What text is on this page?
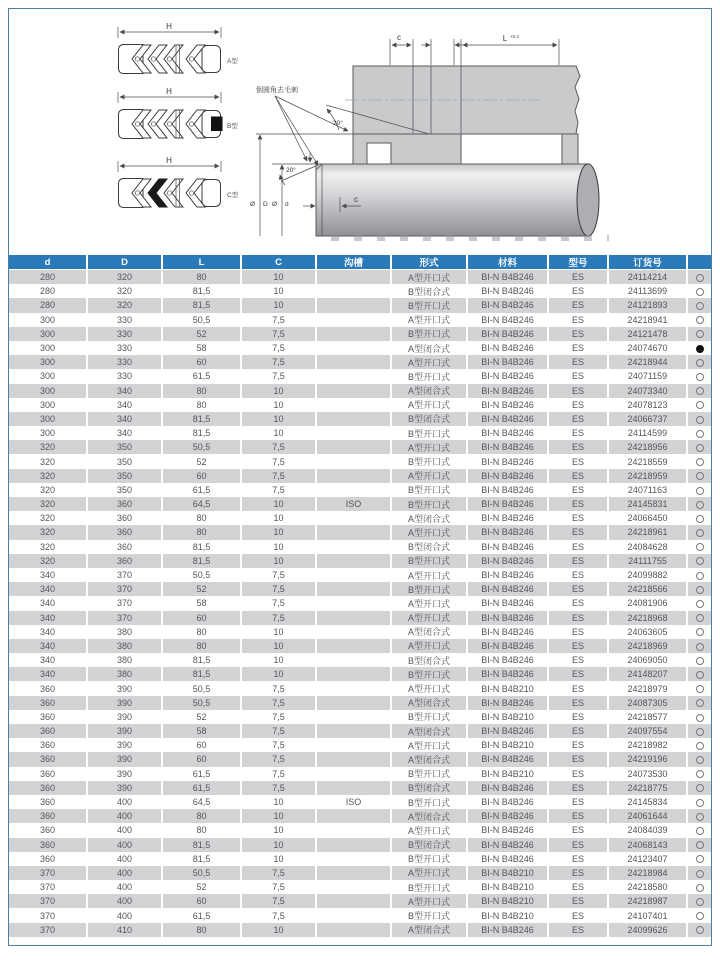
H
A型
H
B型
H
C型
c	L +0.2
倒圆角去毛刺
20°
20°
Ø D Ø d
c
d	D	L	C	沟槽	形式	材料	型号	订货号	
280	320	80	10		A型开口式	BI-N B4B246	ES	24114214	
280	320	81,5	10		B型闭合式	BI-N B4B246	ES	24113699	
280	320	81,5	10		B型开口式	BI-N B4B246	ES	24121893	
300	330	50,5	7,5		A型开口式	BI-N B4B246	ES	24218941	
300	330	52	7,5		B型开口式	BI-N B4B246	ES	24121478	
300	330	58	7,5		A型闭合式	BI-N B4B246	ES	24074670	
300	330	60	7,5		A型开口式	BI-N B4B246	ES	24218944	
300	330	61,5	7,5		B型开口式	BI-N B4B246	ES	24071159	
300	340	80	10		A型闭合式	BI-N B4B246	ES	24073340	
300	340	80	10		A型开口式	BI-N B4B246	ES	24078123	
300	340	81,5	10		B型闭合式	BI-N B4B246	ES	24066737	
300	340	81,5	10		B型开口式	BI-N B4B246	ES	24114599	
320	350	50,5	7,5		A型开口式	BI-N B4B246	ES	24218956	
320	350	52	7,5		B型开口式	BI-N B4B246	ES	24218559	
320	350	60	7,5		A型开口式	BI-N B4B246	ES	24218959	
320	350	61,5	7,5		B型开口式	BI-N B4B246	ES	24071163	
320	360	64,5	10	ISO	B型开口式	BI-N B4B246	ES	24145831	
320	360	80	10		A型闭合式	BI-N B4B246	ES	24066450	
320	360	80	10		A型开口式	BI-N B4B246	ES	24218961	
320	360	81,5	10		B型闭合式	BI-N B4B246	ES	24084628	
320	360	81,5	10		B型开口式	BI-N B4B246	ES	24111755	
340	370	50,5	7,5		A型开口式	BI-N B4B246	ES	24099882	
340	370	52	7,5		B型开口式	BI-N B4B246	ES	24218566	
340	370	58	7,5		A型开口式	BI-N B4B246	ES	24081906	
340	370	60	7,5		A型开口式	BI-N B4B246	ES	24218968	
340	380	80	10		A型闭合式	BI-N B4B246	ES	24063605	
340	380	80	10		A型开口式	BI-N B4B246	ES	24218969	
340	380	81,5	10		B型闭合式	BI-N B4B246	ES	24069050	
340	380	81,5	10		B型开口式	BI-N B4B246	ES	24148207	
360	390	50,5	7,5		A型开口式	BI-N B4B210	ES	24218979	
360	390	50,5	7,5		A型闭合式	BI-N B4B246	ES	24087305	
360	390	52	7,5		B型开口式	BI-N B4B210	ES	24218577	
360	390	58	7,5		A型闭合式	BI-N B4B246	ES	24097554	
360	390	60	7,5		A型开口式	BI-N B4B210	ES	24218982	
360	390	60	7,5		A型闭合式	BI-N B4B246	ES	24219196	
360	390	61,5	7,5		B型开口式	BI-N B4B210	ES	24073530	
360	390	61,5	7,5		B型闭合式	BI-N B4B246	ES	24218775	
360	400	64,5	10	ISO	B型开口式	BI-N B4B246	ES	24145834	
360	400	80	10		A型闭合式	BI-N B4B246	ES	24061644	
360	400	80	10		A型开口式	BI-N B4B246	ES	24084039	
360	400	81,5	10		B型闭合式	BI-N B4B246	ES	24068143	
360	400	81,5	10		B型开口式	BI-N B4B246	ES	24123407	
370	400	50,5	7,5		A型开口式	BI-N B4B210	ES	24218984	
370	400	52	7,5		B型开口式	BI-N B4B210	ES	24218580	
370	400	60	7,5		A型开口式	BI-N B4B210	ES	24218987	
370	400	61,5	7,5		B型开口式	BI-N B4B210	ES	24107401	
370	410	80	10		A型闭合式	BI-N B4B246	ES	24099626	
